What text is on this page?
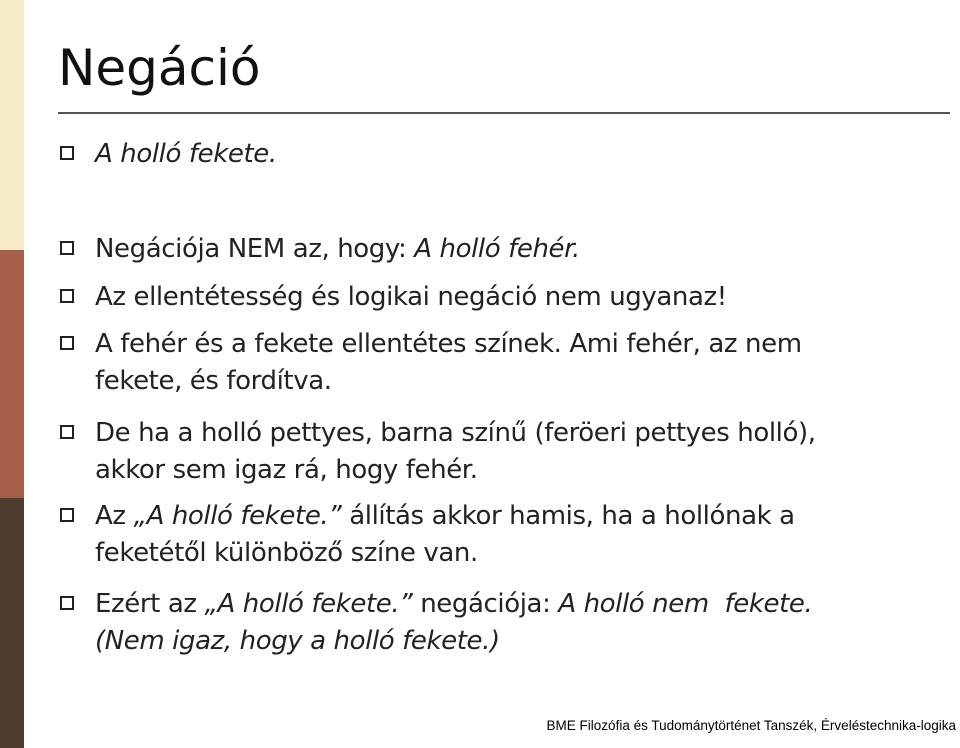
Negáció
A holló fekete.
Negációja NEM az, hogy: A holló fehér.
Az ellentétesség és logikai negáció nem ugyanaz!
A fehér és a fekete ellentétes színek. Ami fehér, az nem
fekete, és fordítva.
De ha a holló pettyes, barna színű (feröeri pettyes holló),
akkor sem igaz rá, hogy fehér.
Az „A holló fekete.” állítás akkor hamis, ha a hollónak a
feketétől különböző színe van.
Ezért az „A holló fekete.” negációja: A holló nem  fekete.
(Nem igaz, hogy a holló fekete.)
BME Filozófia és Tudománytörténet Tanszék, Érveléstechnika-logika
